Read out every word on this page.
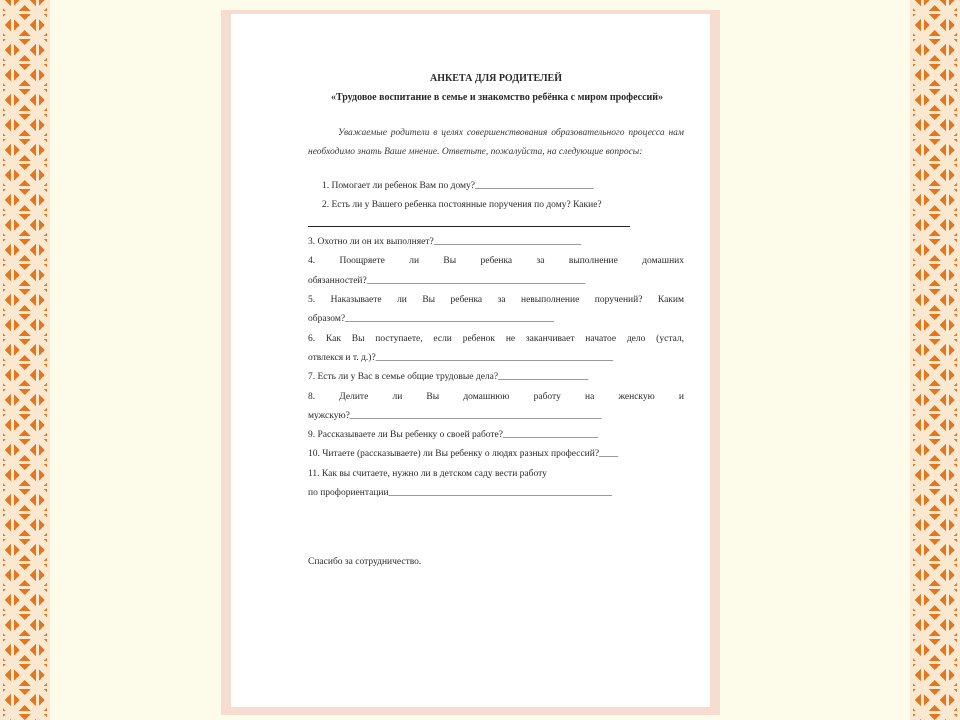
АНКЕТА ДЛЯ РОДИТЕЛЕЙ
«Трудовое воспитание в семье и знакомство ребёнка с миром профессий»
Уважаемые родители в целях совершенствования образовательного процесса нам необходимо знать Ваше мнение. Ответьте, пожалуйста, на следующие вопросы:

1. Помогает ли ребенок Вам по дому?_________________________

2. Есть ли у Вашего ребенка постоянные поручения по дому? Какие?

3. Охотно ли он их выполняет?_______________________________

4. Поощряете ли Вы ребенка за выполнение домашних

обязанностей?______________________________________________

5. Наказываете ли Вы ребенка за невыполнение поручений? Каким

образом?____________________________________________

6. Как Вы поступаете, если ребенок не заканчивает начатое дело (устал,

отвлекся и т. д.)?__________________________________________________

7. Есть ли у Вас в семье общие трудовые дела?___________________

8. Делите ли Вы домашнюю работу на женскую и

мужскую?_____________________________________________________

9. Рассказываете ли Вы ребенку о своей работе?____________________

10. Читаете (рассказываете) ли Вы ребенку о людях разных профессий?____

11. Как вы считаете, нужно ли в детском саду вести работу

по профориентации_______________________________________________

Спасибо за сотрудничество.
